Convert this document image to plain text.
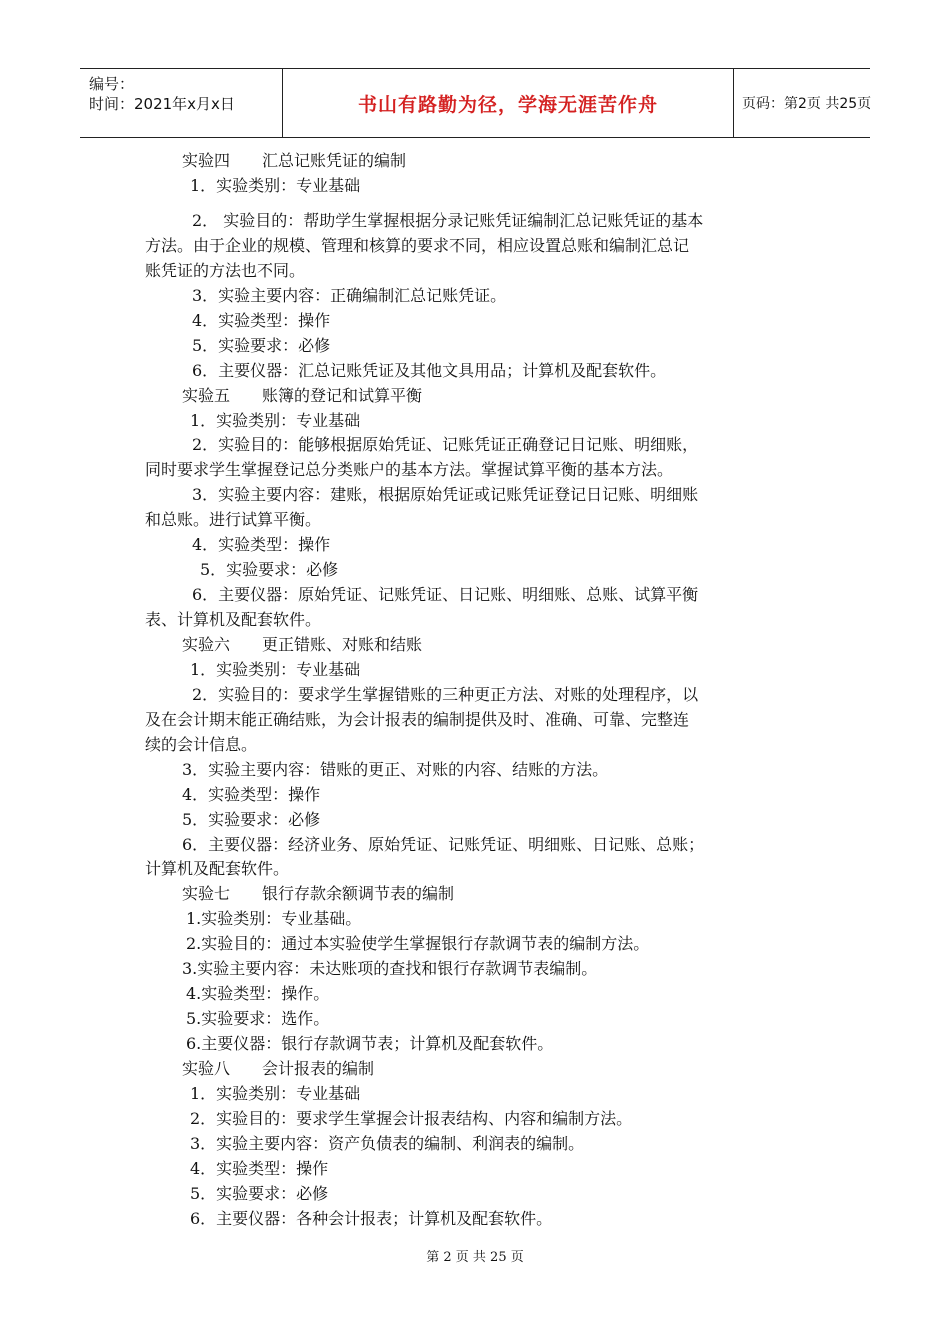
编号：
时间：2021年x月x日	书山有路勤为径，学海无涯苦作舟	页码：第2页 共25页
实验四　　汇总记账凭证的编制
1．实验类别：专业基础
2． 实验目的：帮助学生掌握根据分录记账凭证编制汇总记账凭证的基本
方法。由于企业的规模、管理和核算的要求不同，相应设置总账和编制汇总记
账凭证的方法也不同。
3．实验主要内容：正确编制汇总记账凭证。
4．实验类型：操作
5．实验要求：必修
6．主要仪器：汇总记账凭证及其他文具用品；计算机及配套软件。
实验五　　账簿的登记和试算平衡
1．实验类别：专业基础
2．实验目的：能够根据原始凭证、记账凭证正确登记日记账、明细账，
同时要求学生掌握登记总分类账户的基本方法。掌握试算平衡的基本方法。
3．实验主要内容：建账，根据原始凭证或记账凭证登记日记账、明细账
和总账。进行试算平衡。
4．实验类型：操作
5．实验要求：必修
6．主要仪器：原始凭证、记账凭证、日记账、明细账、总账、试算平衡
表、计算机及配套软件。
实验六　　更正错账、对账和结账
1．实验类别：专业基础
2．实验目的：要求学生掌握错账的三种更正方法、对账的处理程序，以
及在会计期末能正确结账，为会计报表的编制提供及时、准确、可靠、完整连
续的会计信息。
3．实验主要内容：错账的更正、对账的内容、结账的方法。
4．实验类型：操作
5．实验要求：必修
6．主要仪器：经济业务、原始凭证、记账凭证、明细账、日记账、总账；
计算机及配套软件。
实验七　　银行存款余额调节表的编制
1.实验类别：专业基础。
2.实验目的：通过本实验使学生掌握银行存款调节表的编制方法。
3.实验主要内容：未达账项的查找和银行存款调节表编制。
4.实验类型：操作。
5.实验要求：选作。
6.主要仪器：银行存款调节表；计算机及配套软件。
实验八　　会计报表的编制
1．实验类别：专业基础
2．实验目的：要求学生掌握会计报表结构、内容和编制方法。
3．实验主要内容：资产负债表的编制、利润表的编制。
4．实验类型：操作
5．实验要求：必修
6．主要仪器：各种会计报表；计算机及配套软件。
第 2 页 共 25 页
